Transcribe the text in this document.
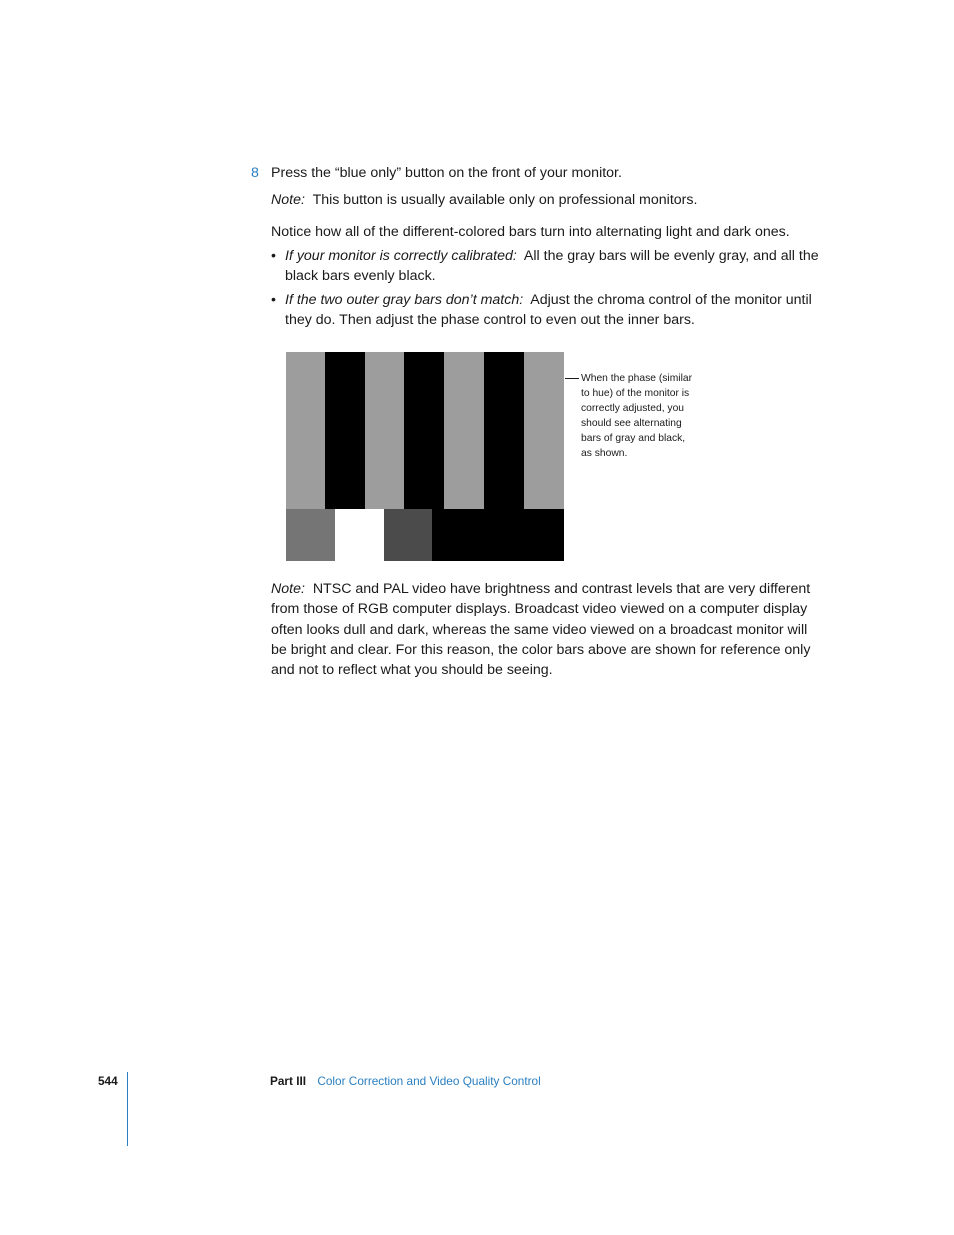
8 Press the “blue only” button on the front of your monitor.
Note: This button is usually available only on professional monitors.
Notice how all of the different-colored bars turn into alternating light and dark ones.
• If your monitor is correctly calibrated: All the gray bars will be evenly gray, and all the
black bars evenly black.
• If the two outer gray bars don’t match: Adjust the chroma control of the monitor until
they do. Then adjust the phase control to even out the inner bars.
When the phase (similar
to hue) of the monitor is
correctly adjusted, you
should see alternating
bars of gray and black,
as shown.
Note: NTSC and PAL video have brightness and contrast levels that are very different
from those of RGB computer displays. Broadcast video viewed on a computer display
often looks dull and dark, whereas the same video viewed on a broadcast monitor will
be bright and clear. For this reason, the color bars above are shown for reference only
and not to reflect what you should be seeing.
544	Part III Color Correction and Video Quality Control
